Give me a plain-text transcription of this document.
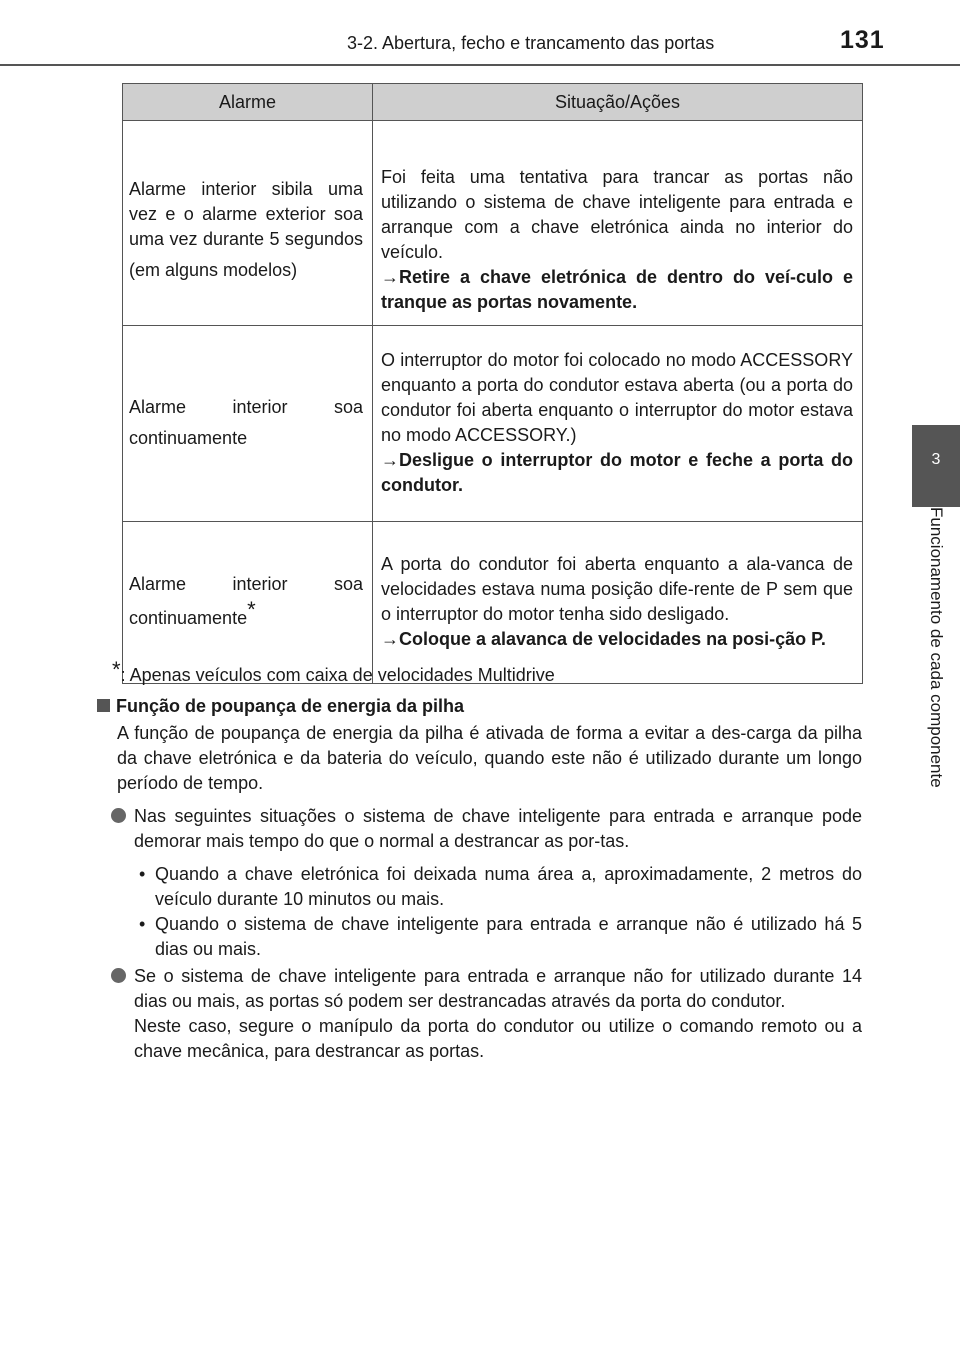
3-2. Abertura, fecho e trancamento das portas	131
3
Funcionamento de cada componente
Alarme	Situação/Ações
Alarme interior sibila uma vez e o alarme exterior soa uma vez durante 5 segundos (em alguns modelos)	Foi feita uma tentativa para trancar as portas não utilizando o sistema de chave inteligente para entrada e arranque com a chave eletrónica ainda no interior do veículo.
→Retire a chave eletrónica de dentro do veí-culo e tranque as portas novamente.

Alarme interior soa continuamente	O interruptor do motor foi colocado no modo ACCESSORY enquanto a porta do condutor estava aberta (ou a porta do condutor foi aberta enquanto o interruptor do motor estava no modo ACCESSORY.)
→Desligue o interruptor do motor e feche a porta do condutor.

Alarme interior soa continuamente*	A porta do condutor foi aberta enquanto a ala-vanca de velocidades estava numa posição dife-rente de P sem que o interruptor do motor tenha sido desligado.
→Coloque a alavanca de velocidades na posi-ção P.
*: Apenas veículos com caixa de velocidades Multidrive

Função de poupança de energia da pilha

A função de poupança de energia da pilha é ativada de forma a evitar a des-carga da pilha da chave eletrónica e da bateria do veículo, quando este não é utilizado durante um longo período de tempo.

Nas seguintes situações o sistema de chave inteligente para entrada e arranque pode demorar mais tempo do que o normal a destrancar as por-tas.
• Quando a chave eletrónica foi deixada numa área a, aproximadamente, 2 metros do veículo durante 10 minutos ou mais.
• Quando o sistema de chave inteligente para entrada e arranque não é utilizado há 5 dias ou mais.
Se o sistema de chave inteligente para entrada e arranque não for utilizado durante 14 dias ou mais, as portas só podem ser destrancadas através da porta do condutor.
Neste caso, segure o manípulo da porta do condutor ou utilize o comando remoto ou a chave mecânica, para destrancar as portas.
